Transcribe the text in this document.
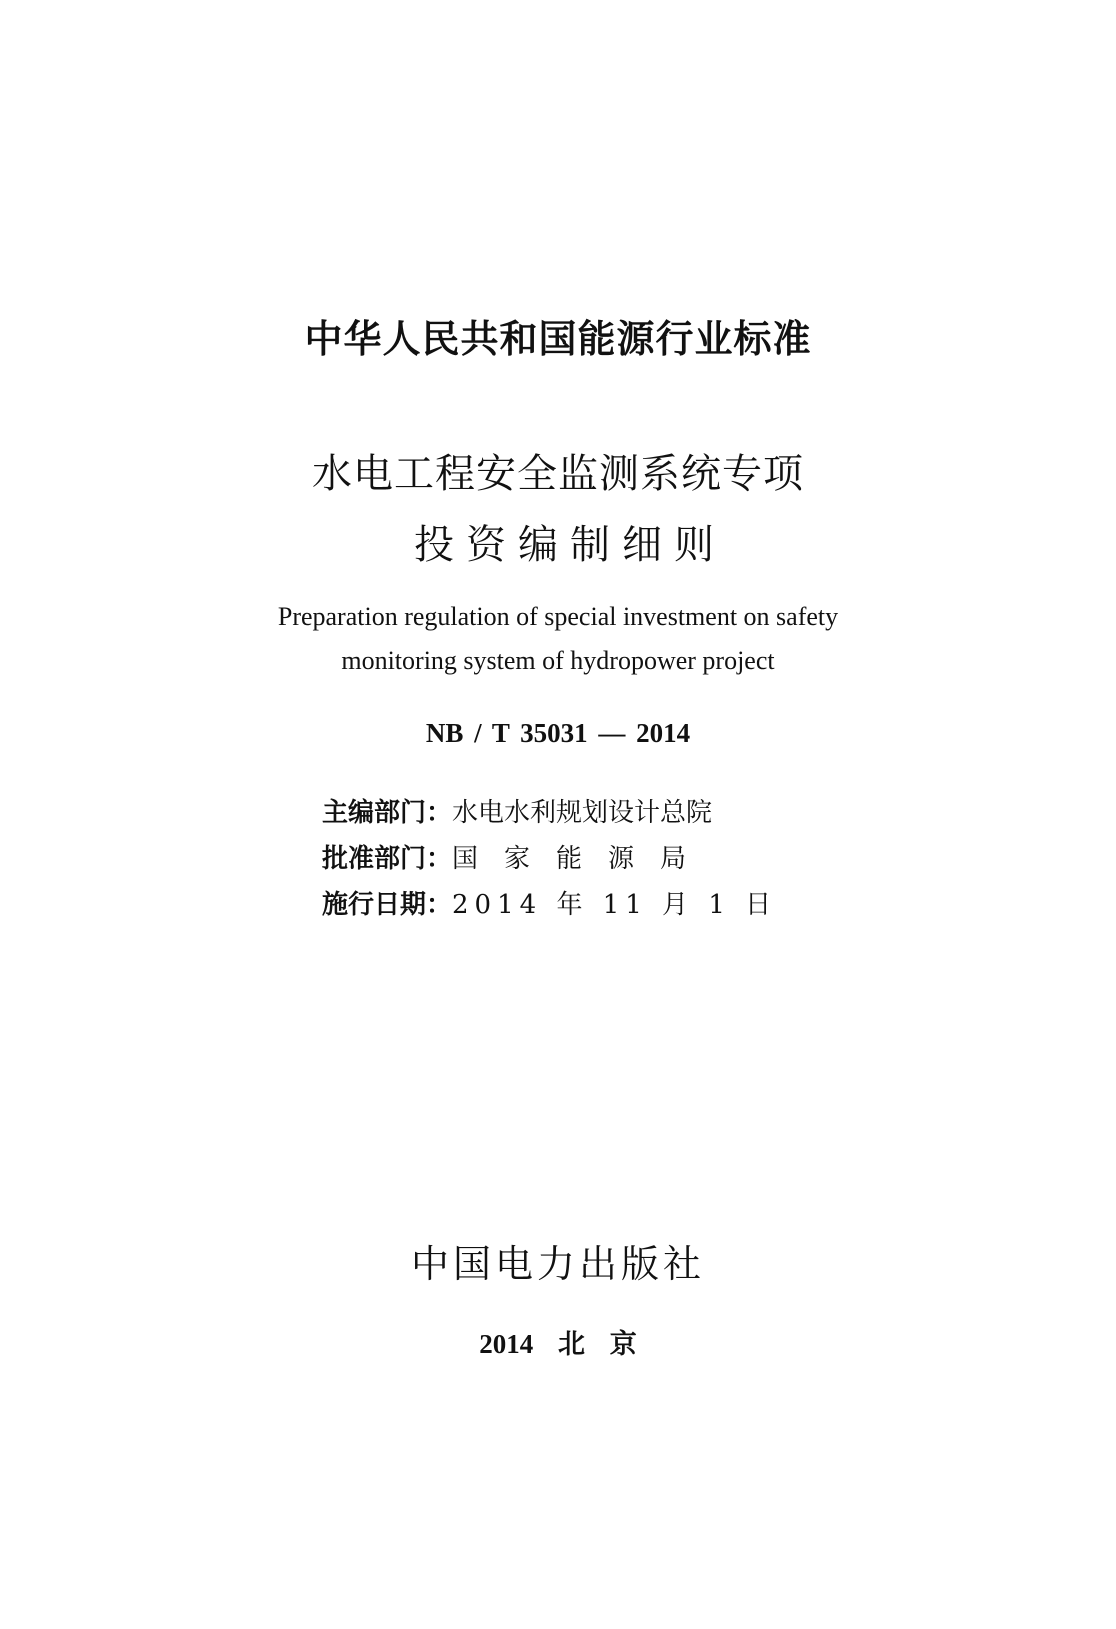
中华人民共和国能源行业标准
水电工程安全监测系统专项
投资编制细则
Preparation regulation of special investment on safety
monitoring system of hydropower project
NB / T 35031 — 2014
主编部门： 水电水利规划设计总院
批准部门： 国家能源局
施行日期： 2014 年 11 月 1 日
中国电力出版社
2014 北 京
